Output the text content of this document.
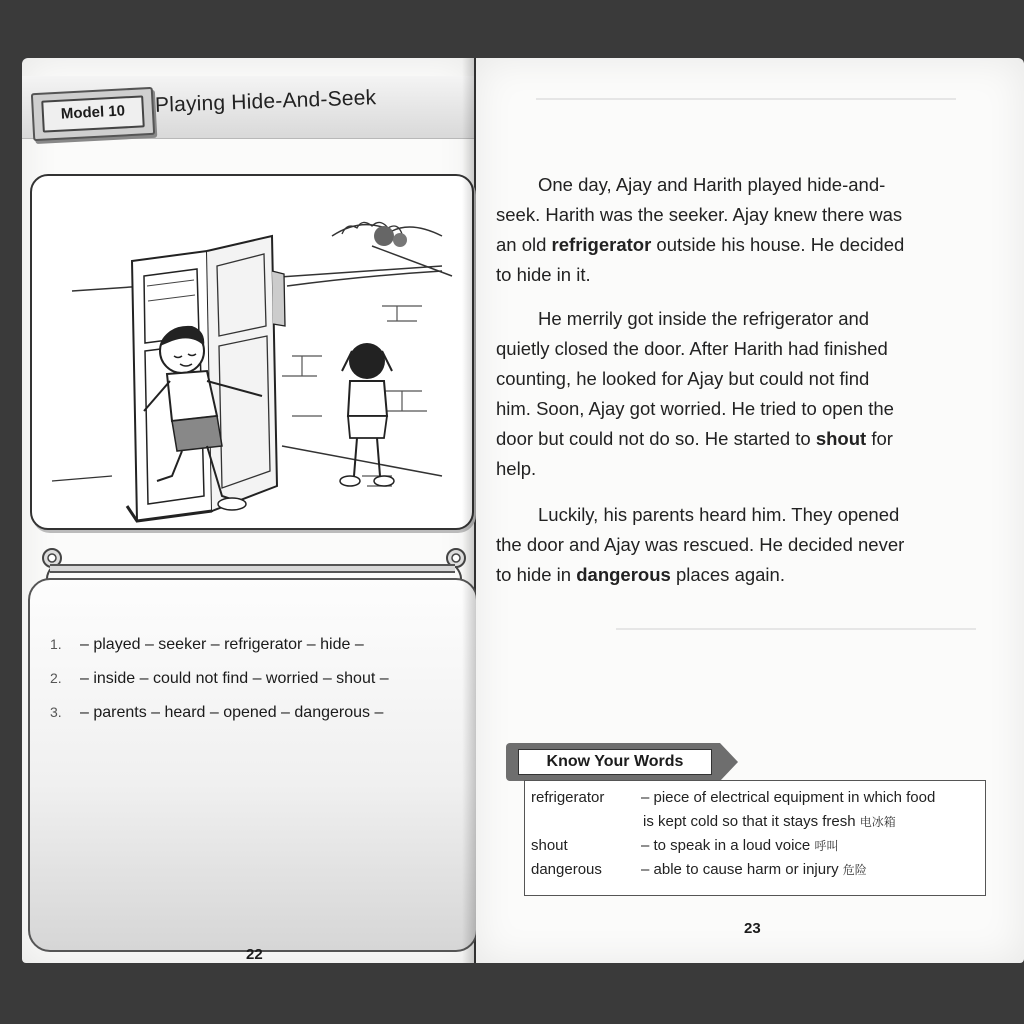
Model 10	Playing Hide-And-Seek
1. – played – seeker – refrigerator – hide –
2. – inside – could not find – worried – shout –
3. – parents – heard – opened – dangerous –
22

One day, Ajay and Harith played hide-and-
seek. Harith was the seeker. Ajay knew there was
an old refrigerator outside his house. He decided
to hide in it.

He merrily got inside the refrigerator and
quietly closed the door. After Harith had finished
counting, he looked for Ajay but could not find
him. Soon, Ajay got worried. He tried to open the
door but could not do so. He started to shout for
help.

Luckily, his parents heard him. They opened
the door and Ajay was rescued. He decided never
to hide in dangerous places again.

Know Your Words
refrigerator – piece of electrical equipment in which food
is kept cold so that it stays fresh 电冰箱
shout	– to speak in a loud voice 呼叫
dangerous	– able to cause harm or injury 危险
23
